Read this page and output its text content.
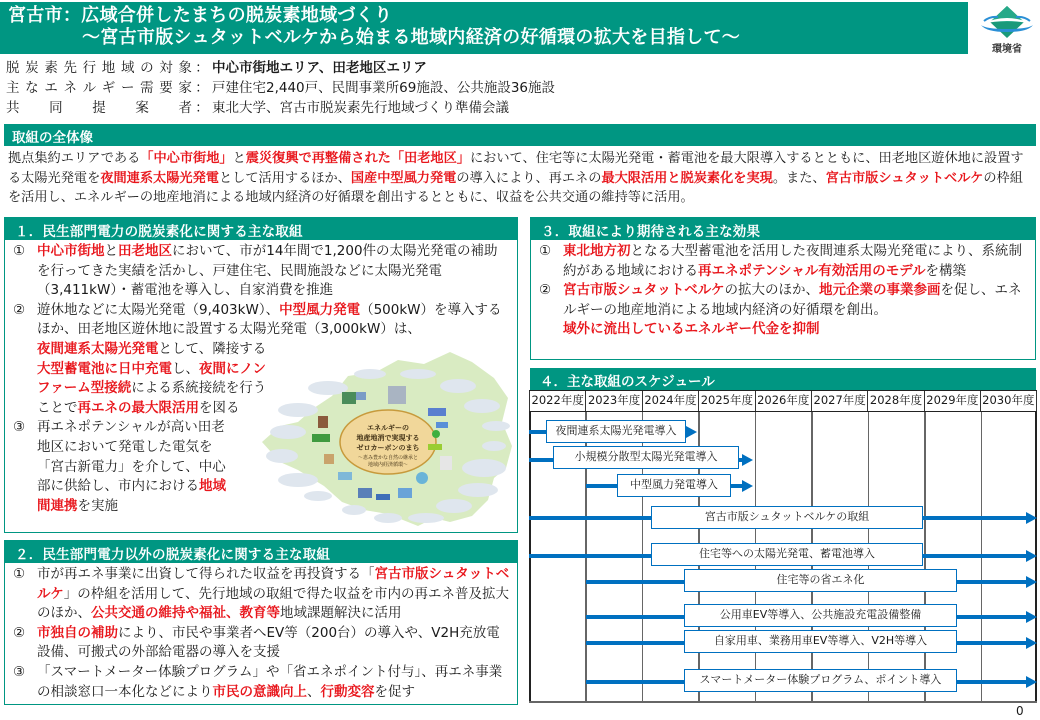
宮古市：広域合併したまちの脱炭素地域づくり
～宮古市版シュタットベルケから始まる地域内経済の好循環の拡大を目指して～
環境省
脱 炭 素 先 行 地 域 の 対 象 ： 中心市街地エリア、田老地区エリア
主 な エ ネ ル ギ ー 需 要 家 ： 戸建住宅2,440戸、民間事業所69施設、公共施設36施設
共 同 提 案 者 ： 東北大学、宮古市脱炭素先行地域づくり準備会議
取組の全体像
拠点集約エリアである「中心市街地」と震災復興で再整備された「田老地区」において、住宅等に太陽光発電・蓄電池を最大限導入するとともに、田老地区遊休地に設置する太陽光発電を夜間連系太陽光発電として活用するほか、国産中型風力発電の導入により、再エネの最大限活用と脱炭素化を実現。また、宮古市版シュタットベルケの枠組を活用し、エネルギーの地産地消による地域内経済の好循環を創出するとともに、収益を公共交通の維持等に活用。
１．民生部門電力の脱炭素化に関する主な取組
① 中心市街地と田老地区において、市が14年間で1,200件の太陽光発電の補助を行ってきた実績を活かし、戸建住宅、民間施設などに太陽光発電（3,411kW）・蓄電池を導入し、自家消費を推進
② 遊休地などに太陽光発電（9,403kW）、中型風力発電（500kW）を導入するほか、田老地区遊休地に設置する太陽光発電（3,000kW）は、
夜間連系太陽光発電として、隣接する大型蓄電池に日中充電し、夜間にノンファーム型接続による系統接続を行うことで再エネの最大限活用を図る
③ 再エネポテンシャルが高い田老地区において発電した電気を「宮古新電力」を介して、中心部に供給し、市内における地域間連携を実施
エネルギーの
地産地消で実現する
ゼロカーボンのまち
～恵み豊かな自然の継承と
地域内経済循環～
２．民生部門電力以外の脱炭素化に関する主な取組
① 市が再エネ事業に出資して得られた収益を再投資する「宮古市版シュタットベルケ」の枠組を活用して、先行地域の取組で得た収益を市内の再エネ普及拡大のほか、公共交通の維持や福祉、教育等地域課題解決に活用
② 市独自の補助により、市民や事業者へEV等（200台）の導入や、V2H充放電設備、可搬式の外部給電器の導入を支援
③ 「スマートメーター体験プログラム」や「省エネポイント付与」、再エネ事業の相談窓口一本化などにより市民の意識向上、行動変容を促す
３．取組により期待される主な効果
① 東北地方初となる大型蓄電池を活用した夜間連系太陽光発電により、系統制約がある地域における再エネポテンシャル有効活用のモデルを構築
② 宮古市版シュタットベルケの拡大のほか、地元企業の事業参画を促し、エネルギーの地産地消による地域内経済の好循環を創出。
域外に流出しているエネルギー代金を抑制
４．主な取組のスケジュール
2022年度 2023年度 2024年度 2025年度 2026年度 2027年度 2028年度 2029年度 2030年度
夜間連系太陽光発電導入
小規模分散型太陽光発電導入
中型風力発電導入
宮古市版シュタットベルケの取組
住宅等への太陽光発電、蓄電池導入
住宅等の省エネ化
公用車EV等導入、公共施設充電設備整備
自家用車、業務用車EV等導入、V2H等導入
スマートメーター体験プログラム、ポイント導入
0
